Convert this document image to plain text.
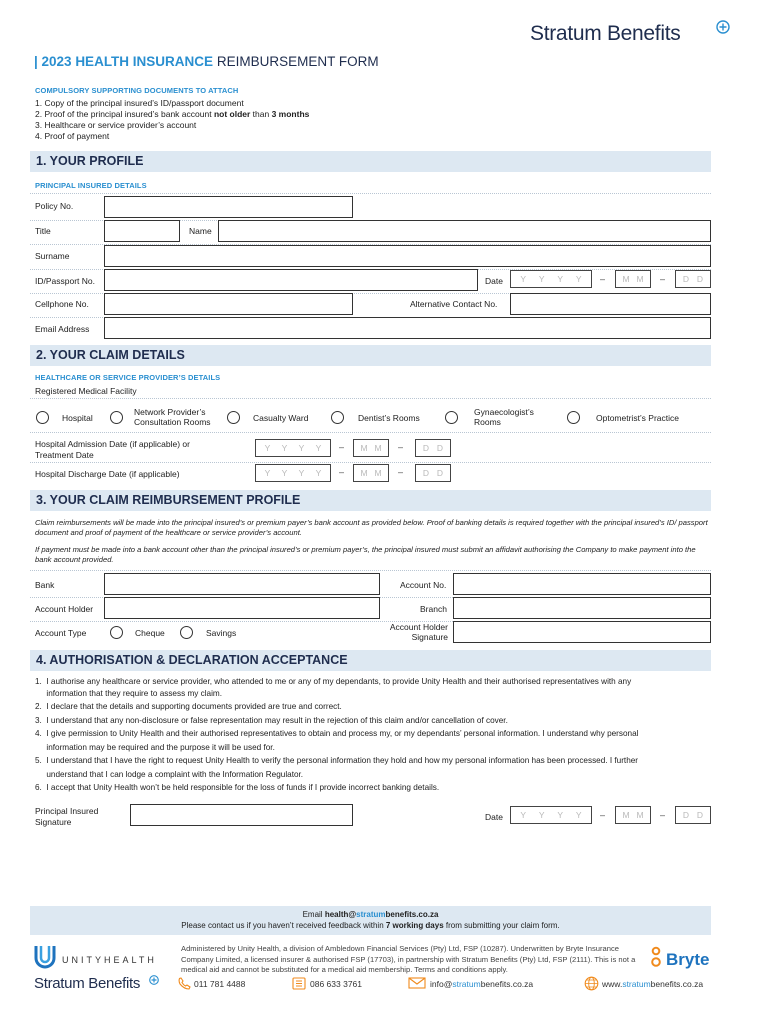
Stratum Benefits
| 2023 HEALTH INSURANCE REIMBURSEMENT FORM
COMPULSORY SUPPORTING DOCUMENTS TO ATTACH
1. Copy of the principal insured’s ID/passport document
2. Proof of the principal insured’s bank account not older than 3 months
3. Healthcare or service provider’s account
4. Proof of payment
1. YOUR PROFILE
PRINCIPAL INSURED DETAILS
Policy No.
Title	Name
Surname
ID/Passport No.	Date Y Y Y Y – M M – D D
Cellphone No.	Alternative Contact No.
Email Address
2. YOUR CLAIM DETAILS
HEALTHCARE OR SERVICE PROVIDER’S DETAILS
Registered Medical Facility
Hospital
Network Provider’s Consultation Rooms	Casualty Ward	Dentist’s Rooms
Gynaecologist’s Rooms	Optometrist’s Practice
Hospital Admission Date (if applicable) or Treatment Date
Y Y Y Y – M M – D D
Hospital Discharge Date (if applicable)	Y Y Y Y – M M – D D
3. YOUR CLAIM REIMBURSEMENT PROFILE
Claim reimbursements will be made into the principal insured’s or premium payer’s bank account as provided below. Proof of banking details is required together with the principal insured’s ID/ passport document and proof of payment of the healthcare or service provider’s account.
If payment must be made into a bank account other than the principal insured’s or premium payer’s, the principal insured must submit an affidavit authorising the Company to make payment into the bank account provided.
Bank	Account No.
Account Holder	Branch
Account Type	Cheque	Savings
Account Holder Signature
4. AUTHORISATION & DECLARATION ACCEPTANCE
1.  I authorise any healthcare or service provider, who attended to me or any of my dependants, to provide Unity Health and their authorised representatives with any
information that they require to assess my claim.
2.  I declare that the details and supporting documents provided are true and correct.
3.  I understand that any non-disclosure or false representation may result in the rejection of this claim and/or cancellation of cover.
4.  I give permission to Unity Health and their authorised representatives to obtain and process my, or my dependants’ personal information. I understand why personal
information may be required and the purpose it will be used for.
5.  I understand that I have the right to request Unity Health to verify the personal information they hold and how my personal information has been processed. I further
understand that I can lodge a complaint with the Information Regulator.
6.  I accept that Unity Health won’t be held responsible for the loss of funds if I provide incorrect banking details.
Principal Insured Signature	Date Y Y Y Y – M M – D D
Email health@stratumbenefits.co.za
Please contact us if you haven’t received feedback within 7 working days from submitting your claim form.
UNITYHEALTH
Stratum Benefits
Administered by Unity Health, a division of Ambledown Financial Services (Pty) Ltd, FSP (10287). Underwritten by Bryte Insurance Company Limited, a licensed insurer & authorised FSP (17703), in partnership with Stratum Benefits (Pty) Ltd, FSP (2111). This is not a medical aid and cannot be substituted for a medical aid membership. Terms and conditions apply.
Bryte
011 781 4488	086 633 3761	info@stratumbenefits.co.za	www.stratumbenefits.co.za
